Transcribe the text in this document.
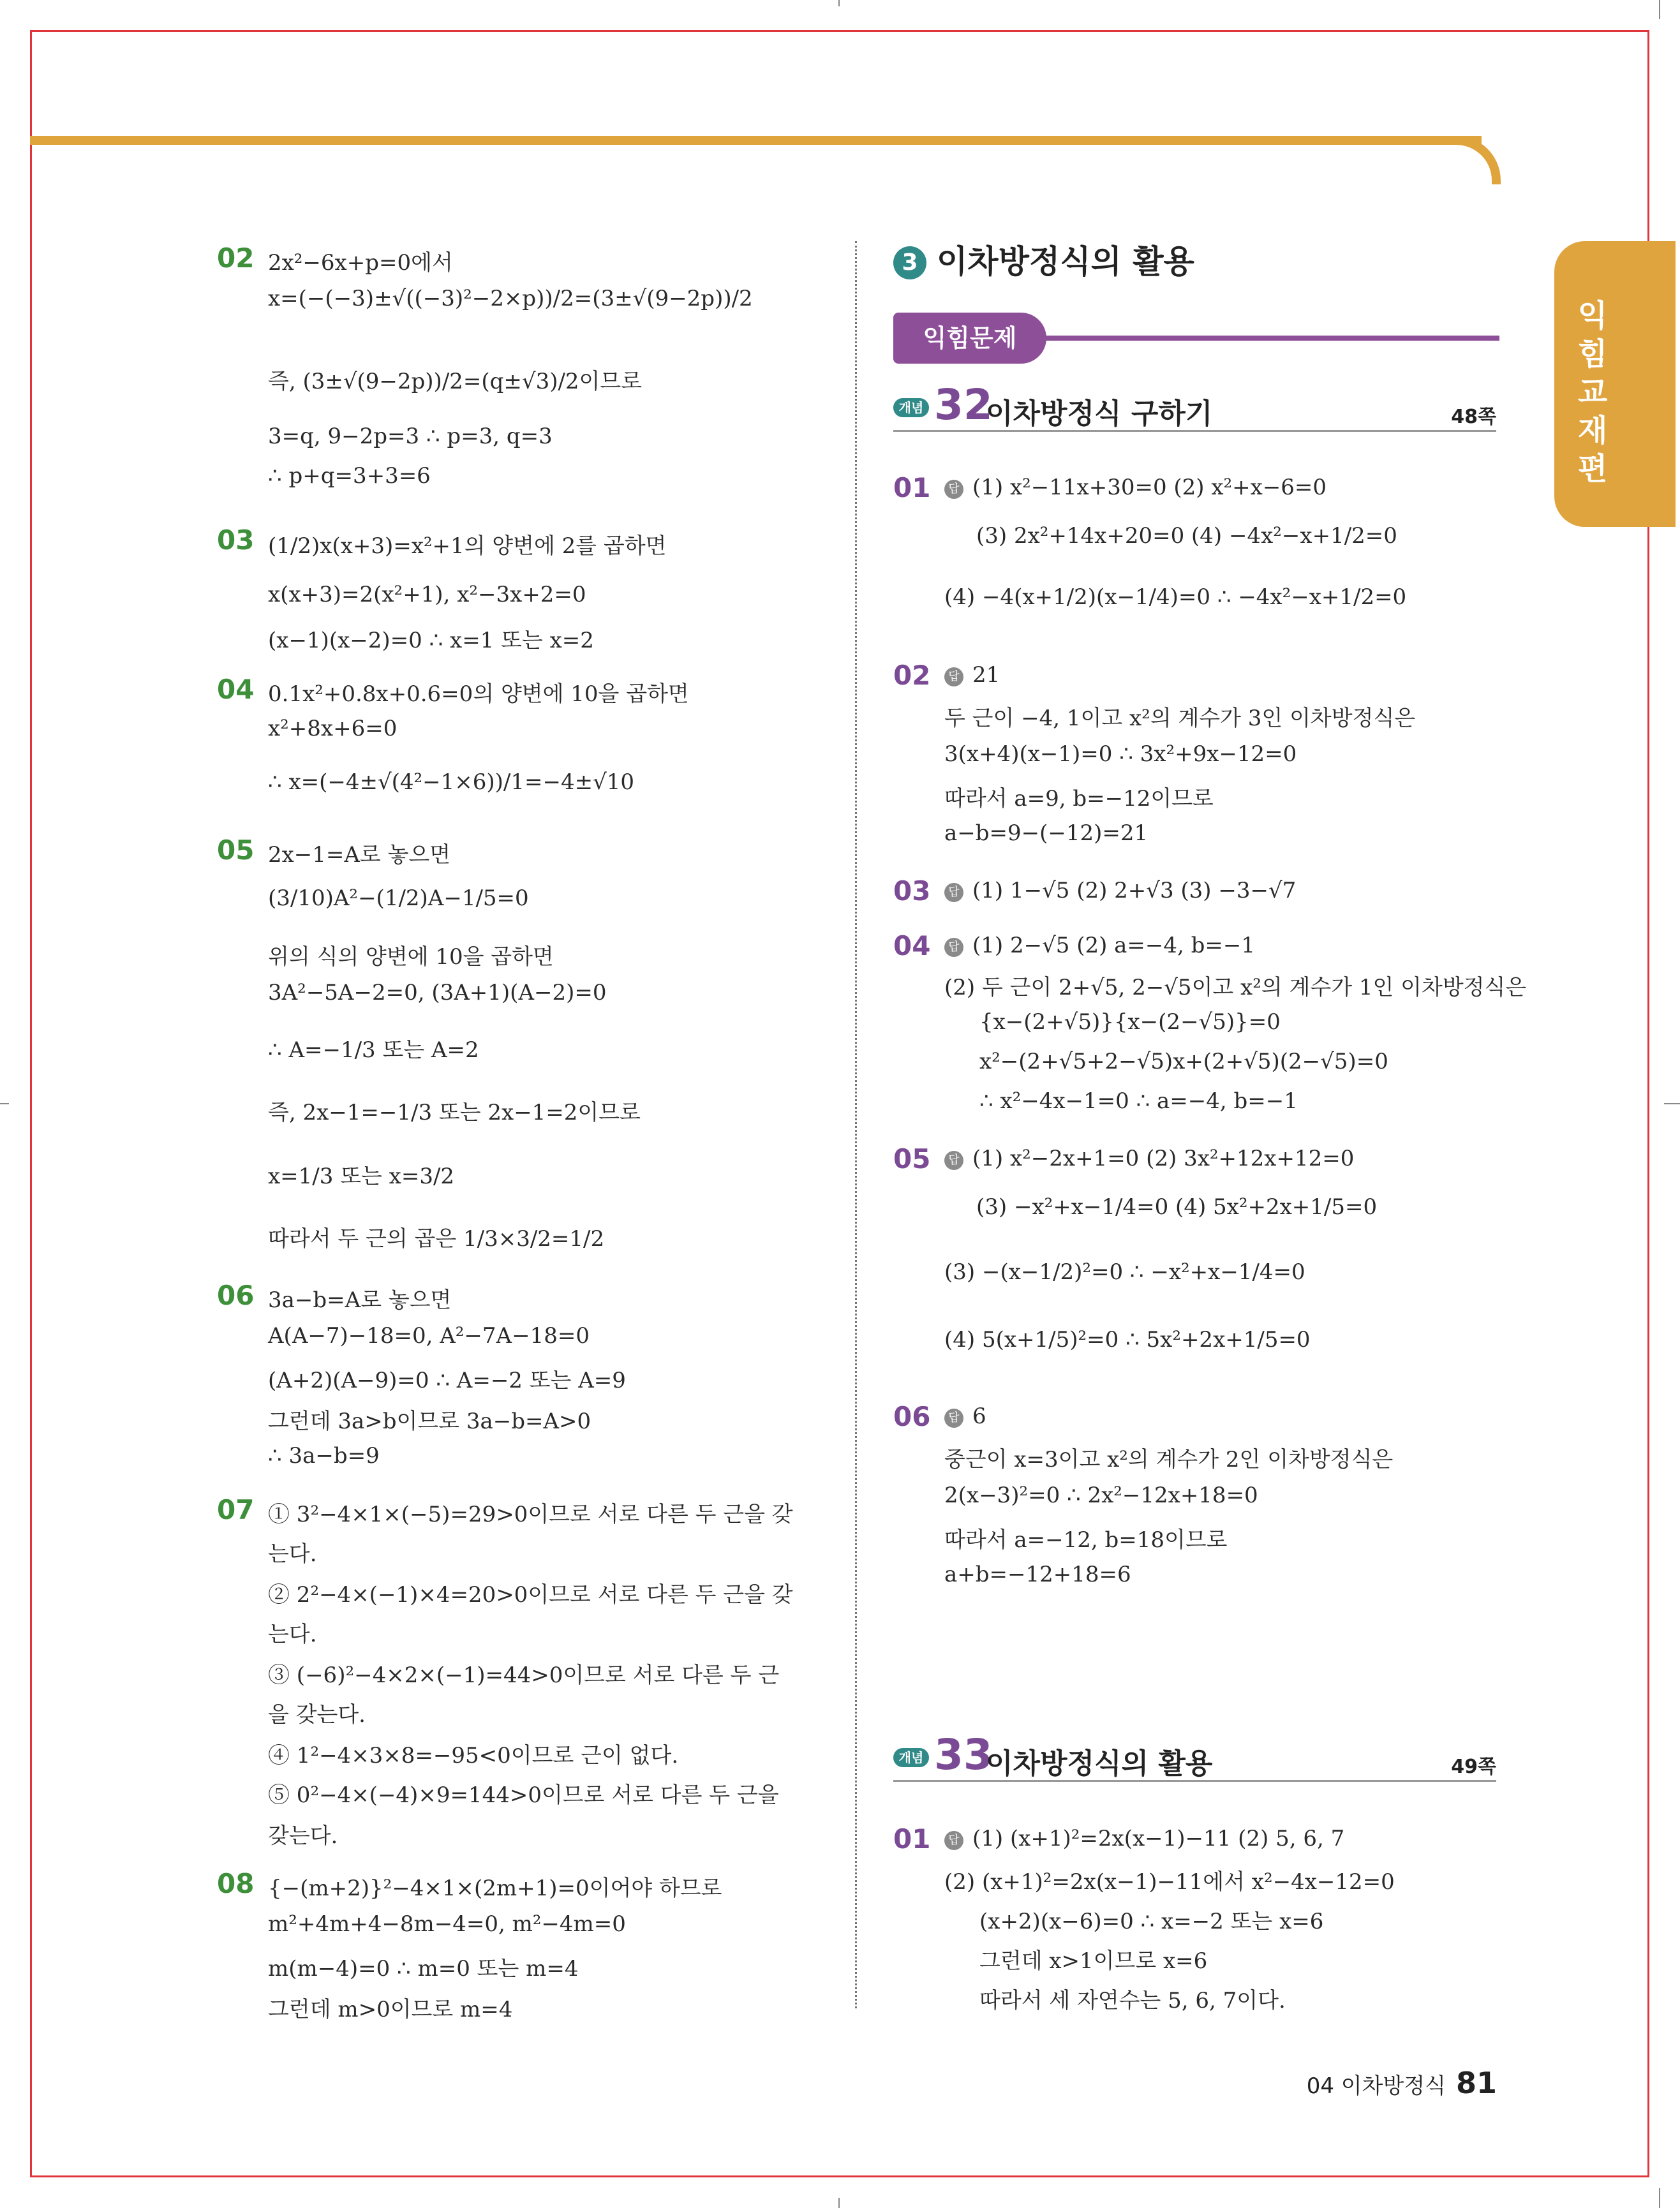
익힘교재편
02 2x²−6x+p=0에서
x=(−(−3)±√((−3)²−2×p))/2=(3±√(9−2p))/2
즉, (3±√(9−2p))/2=(q±√3)/2이므로
3=q, 9−2p=3 ∴ p=3, q=3
∴ p+q=3+3=6
03 (1/2)x(x+3)=x²+1의 양변에 2를 곱하면
x(x+3)=2(x²+1), x²−3x+2=0
(x−1)(x−2)=0 ∴ x=1 또는 x=2
04 0.1x²+0.8x+0.6=0의 양변에 10을 곱하면
x²+8x+6=0
∴ x=(−4±√(4²−1×6))/1=−4±√10
05 2x−1=A로 놓으면
(3/10)A²−(1/2)A−1/5=0
위의 식의 양변에 10을 곱하면
3A²−5A−2=0, (3A+1)(A−2)=0
∴ A=−1/3 또는 A=2
즉, 2x−1=−1/3 또는 2x−1=2이므로
x=1/3 또는 x=3/2
따라서 두 근의 곱은 1/3×3/2=1/2
06 3a−b=A로 놓으면
A(A−7)−18=0, A²−7A−18=0
(A+2)(A−9)=0 ∴ A=−2 또는 A=9
그런데 3a>b이므로 3a−b=A>0
∴ 3a−b=9
07 ① 3²−4×1×(−5)=29>0이므로 서로 다른 두 근을 갖
는다.
② 2²−4×(−1)×4=20>0이므로 서로 다른 두 근을 갖
는다.
③ (−6)²−4×2×(−1)=44>0이므로 서로 다른 두 근
을 갖는다.
④ 1²−4×3×8=−95<0이므로 근이 없다.
⑤ 0²−4×(−4)×9=144>0이므로 서로 다른 두 근을
갖는다.
08 {−(m+2)}²−4×1×(2m+1)=0이어야 하므로
m²+4m+4−8m−4=0, m²−4m=0
m(m−4)=0 ∴ m=0 또는 m=4
그런데 m>0이므로 m=4
3 이차방정식의 활용
익힘문제
개념 32
이차방정식 구하기	48쪽
01	답 (1) x²−11x+30=0 (2) x²+x−6=0
(3) 2x²+14x+20=0 (4) −4x²−x+1/2=0
(4) −4(x+1/2)(x−1/4)=0 ∴ −4x²−x+1/2=0
02	답 21
두 근이 −4, 1이고 x²의 계수가 3인 이차방정식은
3(x+4)(x−1)=0 ∴ 3x²+9x−12=0
따라서 a=9, b=−12이므로
a−b=9−(−12)=21
03	답 (1) 1−√5 (2) 2+√3 (3) −3−√7
04	답 (1) 2−√5 (2) a=−4, b=−1
(2) 두 근이 2+√5, 2−√5이고 x²의 계수가 1인 이차방정식은
{x−(2+√5)}{x−(2−√5)}=0
x²−(2+√5+2−√5)x+(2+√5)(2−√5)=0
∴ x²−4x−1=0 ∴ a=−4, b=−1
05	답 (1) x²−2x+1=0 (2) 3x²+12x+12=0
(3) −x²+x−1/4=0 (4) 5x²+2x+1/5=0
(3) −(x−1/2)²=0 ∴ −x²+x−1/4=0
(4) 5(x+1/5)²=0 ∴ 5x²+2x+1/5=0
06	답 6
중근이 x=3이고 x²의 계수가 2인 이차방정식은
2(x−3)²=0 ∴ 2x²−12x+18=0
따라서 a=−12, b=18이므로
a+b=−12+18=6
개념 33
이차방정식의 활용	49쪽
01	답 (1) (x+1)²=2x(x−1)−11 (2) 5, 6, 7
(2) (x+1)²=2x(x−1)−11에서 x²−4x−12=0
(x+2)(x−6)=0 ∴ x=−2 또는 x=6
그런데 x>1이므로 x=6
따라서 세 자연수는 5, 6, 7이다.
04 이차방정식 81
